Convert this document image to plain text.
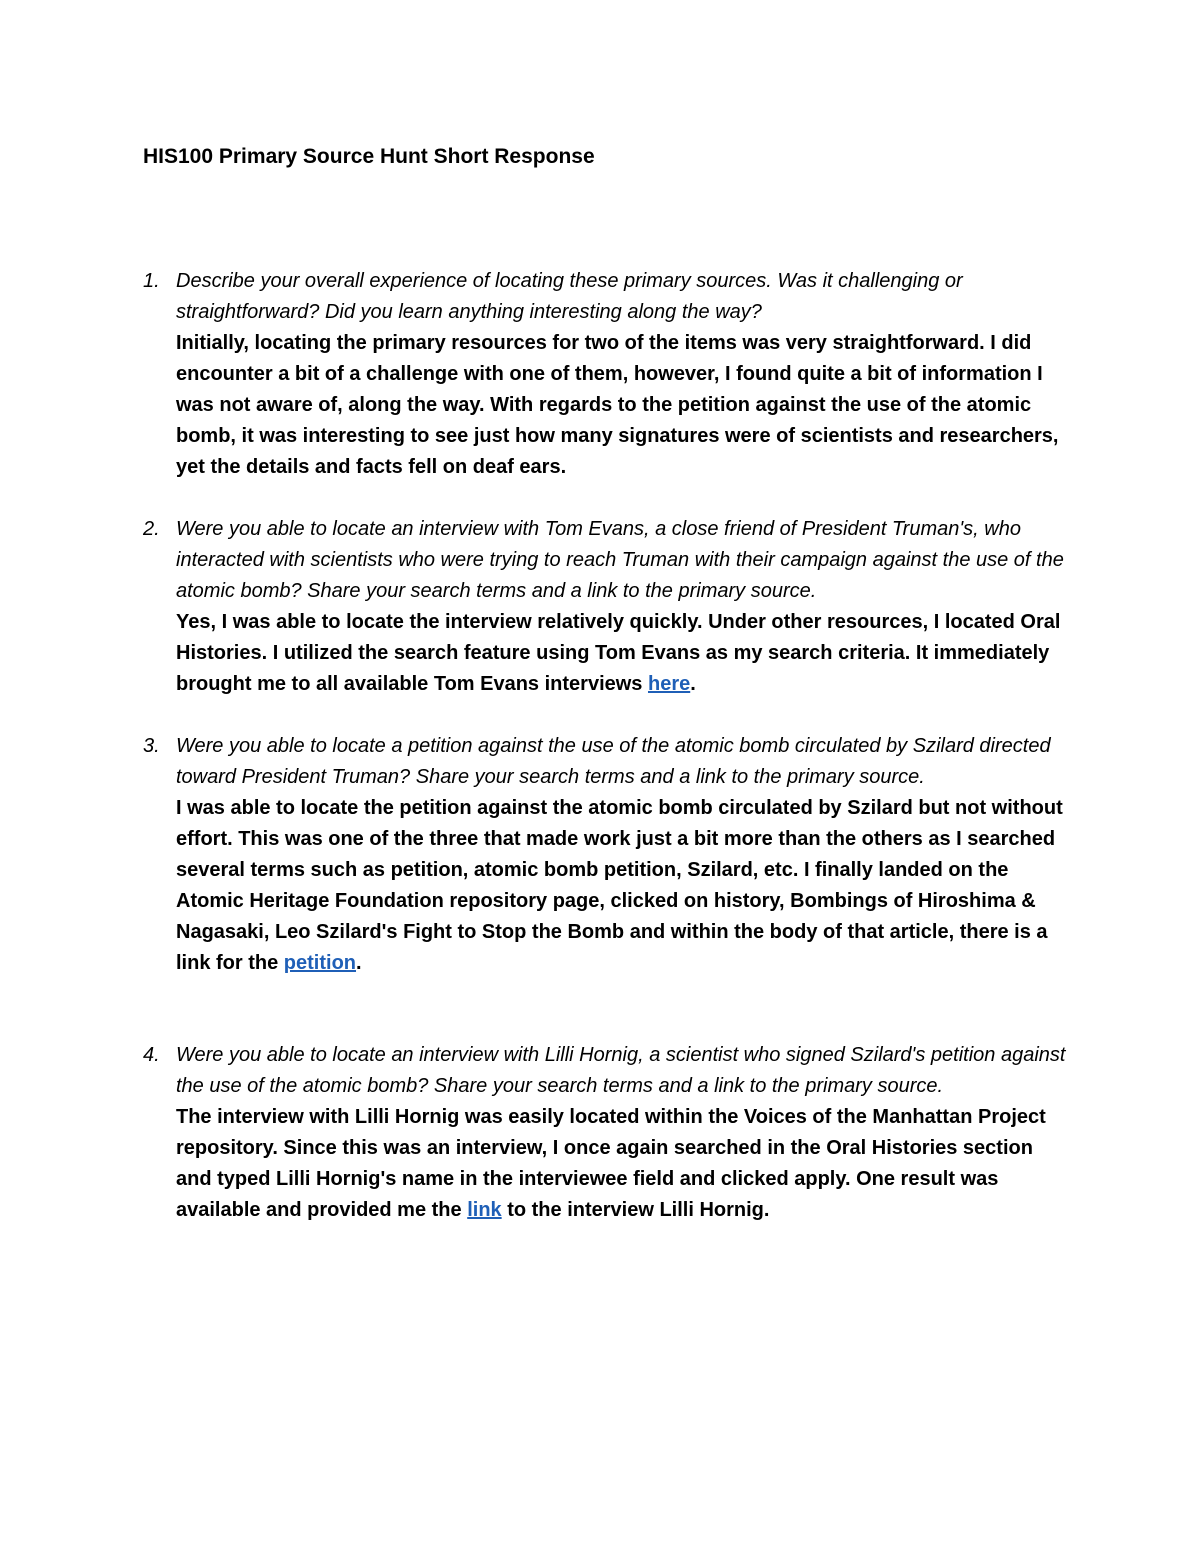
HIS100 Primary Source Hunt Short Response
1. Describe your overall experience of locating these primary sources. Was it challenging or straightforward? Did you learn anything interesting along the way?

Initially, locating the primary resources for two of the items was very straightforward. I did encounter a bit of a challenge with one of them, however, I found quite a bit of information I was not aware of, along the way. With regards to the petition against the use of the atomic bomb, it was interesting to see just how many signatures were of scientists and researchers, yet the details and facts fell on deaf ears.

2. Were you able to locate an interview with Tom Evans, a close friend of President Truman's, who interacted with scientists who were trying to reach Truman with their campaign against the use of the atomic bomb? Share your search terms and a link to the primary source.

Yes, I was able to locate the interview relatively quickly. Under other resources, I located Oral Histories. I utilized the search feature using Tom Evans as my search criteria. It immediately brought me to all available Tom Evans interviews here.

3. Were you able to locate a petition against the use of the atomic bomb circulated by Szilard directed toward President Truman? Share your search terms and a link to the primary source.

I was able to locate the petition against the atomic bomb circulated by Szilard but not without effort. This was one of the three that made work just a bit more than the others as I searched several terms such as petition, atomic bomb petition, Szilard, etc. I finally landed on the Atomic Heritage Foundation repository page, clicked on history, Bombings of Hiroshima & Nagasaki, Leo Szilard's Fight to Stop the Bomb and within the body of that article, there is a link for the petition.

4. Were you able to locate an interview with Lilli Hornig, a scientist who signed Szilard's petition against the use of the atomic bomb? Share your search terms and a link to the primary source.

The interview with Lilli Hornig was easily located within the Voices of the Manhattan Project repository. Since this was an interview, I once again searched in the Oral Histories section and typed Lilli Hornig's name in the interviewee field and clicked apply. One result was available and provided me the link to the interview Lilli Hornig.
